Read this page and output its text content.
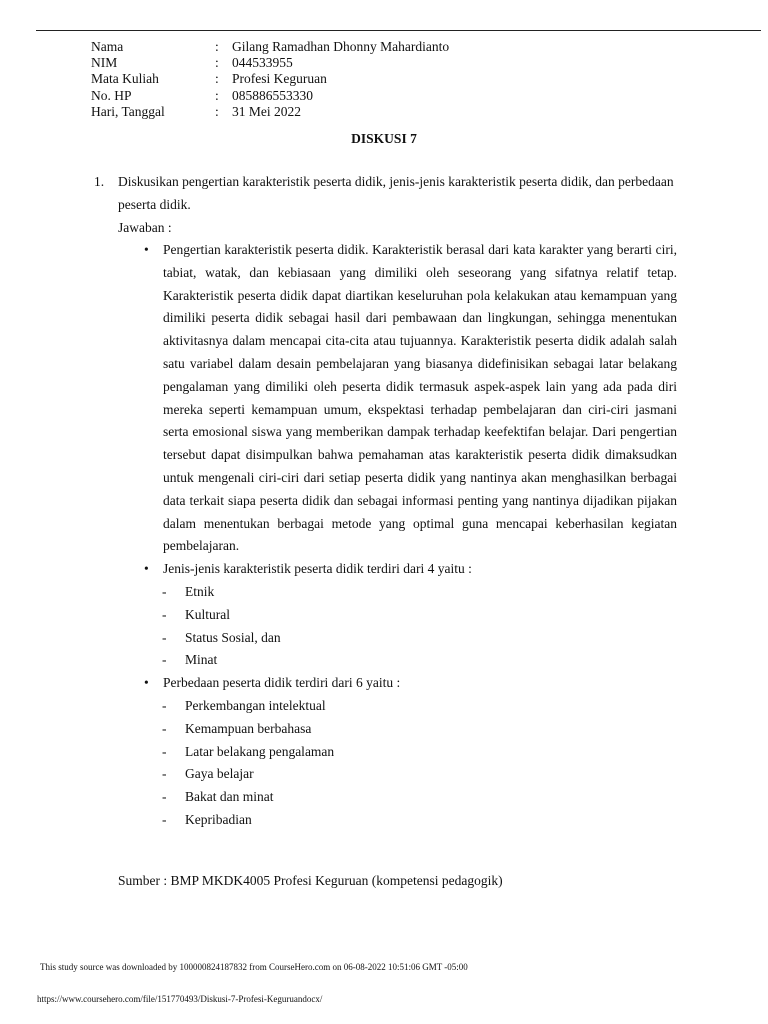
Nama	: Gilang Ramadhan Dhonny Mahardianto
NIM	: 044533955
Mata Kuliah	: Profesi Keguruan
No. HP	: 085886553330
Hari, Tanggal	: 31 Mei 2022
DISKUSI 7
1. Diskusikan pengertian karakteristik peserta didik, jenis-jenis karakteristik peserta didik, dan perbedaan peserta didik.
Jawaban :
• Pengertian karakteristik peserta didik. Karakteristik berasal dari kata karakter yang berarti ciri, tabiat, watak, dan kebiasaan yang dimiliki oleh seseorang yang sifatnya relatif tetap. Karakteristik peserta didik dapat diartikan keseluruhan pola kelakukan atau kemampuan yang dimiliki peserta didik sebagai hasil dari pembawaan dan lingkungan, sehingga menentukan aktivitasnya dalam mencapai cita-cita atau tujuannya. Karakteristik peserta didik adalah salah satu variabel dalam desain pembelajaran yang biasanya didefinisikan sebagai latar belakang pengalaman yang dimiliki oleh peserta didik termasuk aspek-aspek lain yang ada pada diri mereka seperti kemampuan umum, ekspektasi terhadap pembelajaran dan ciri-ciri jasmani serta emosional siswa yang memberikan dampak terhadap keefektifan belajar. Dari pengertian tersebut dapat disimpulkan bahwa pemahaman atas karakteristik peserta didik dimaksudkan untuk mengenali ciri-ciri dari setiap peserta didik yang nantinya akan menghasilkan berbagai data terkait siapa peserta didik dan sebagai informasi penting yang nantinya dijadikan pijakan dalam menentukan berbagai metode yang optimal guna mencapai keberhasilan kegiatan pembelajaran.
• Jenis-jenis karakteristik peserta didik terdiri dari 4 yaitu :
- Etnik
- Kultural
- Status Sosial, dan
- Minat
• Perbedaan peserta didik terdiri dari 6 yaitu :
- Perkembangan intelektual
- Kemampuan berbahasa
- Latar belakang pengalaman
- Gaya belajar
- Bakat dan minat
- Kepribadian
Sumber : BMP MKDK4005 Profesi Keguruan (kompetensi pedagogik)
This study source was downloaded by 100000824187832 from CourseHero.com on 06-08-2022 10:51:06 GMT -05:00
https://www.coursehero.com/file/151770493/Diskusi-7-Profesi-Keguruandocx/
